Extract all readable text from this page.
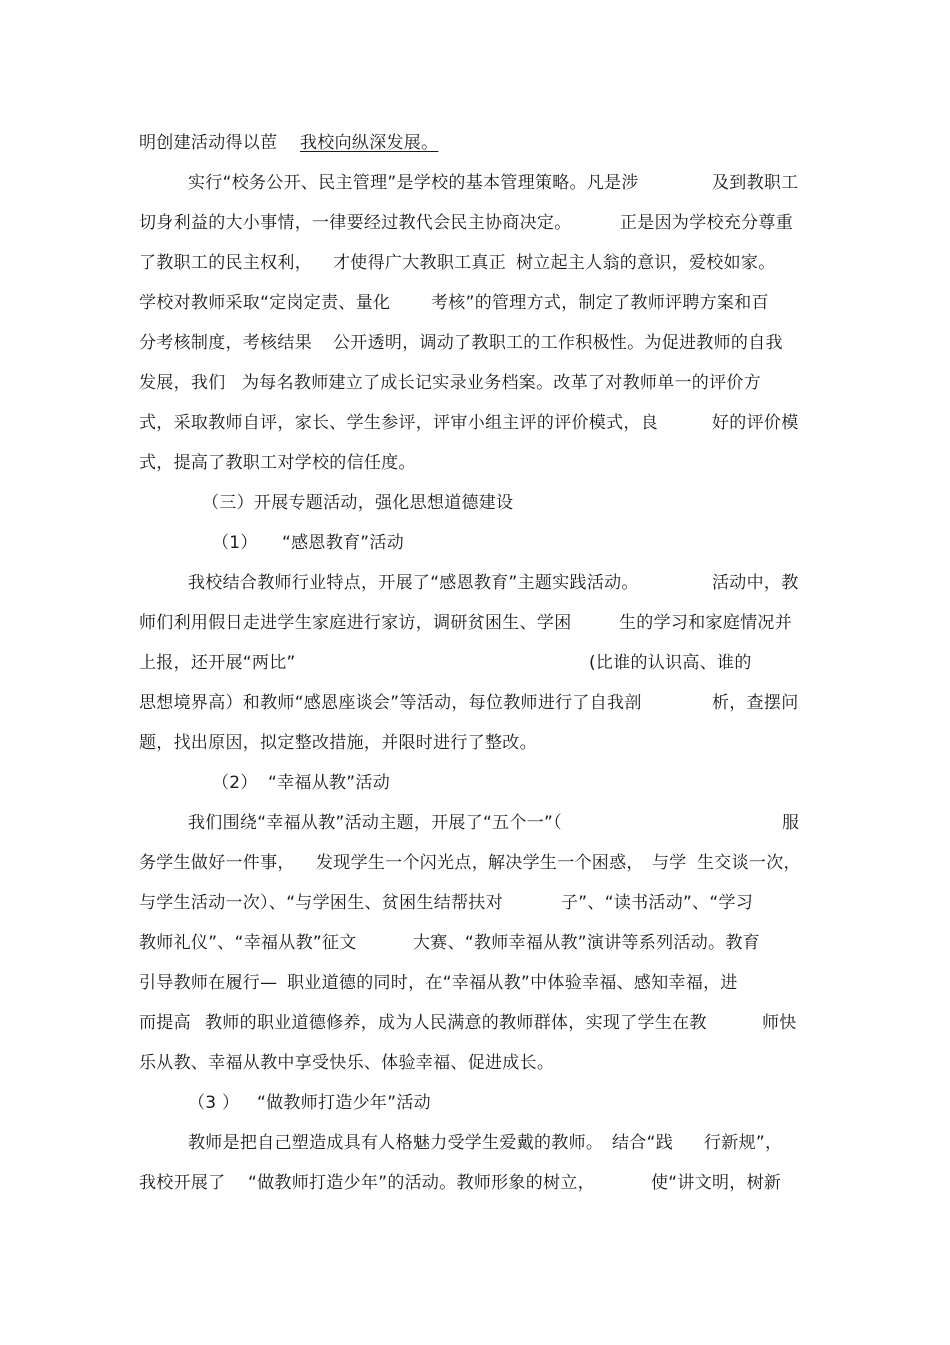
明创建活动得以茞 我校向纵深发展。
实行“校务公开、民主管理”是学校的基本管理策略。凡是涉	及到教职工
切身利益的大小事情，一律要经过教代会民主协商决定。	正是因为学校充分尊重
了教职工的民主权利， 才使得广大教职工真正 树立起主人翁的意识，爱校如家。
学校对教师采取“定岗定责、量化 考核”的管理方式，制定了教师评聘方案和百
分考核制度，考核结果 公开透明，调动了教职工的工作积极性。为促进教师的自我
发展，我们 为每名教师建立了成长记实录业务档案。改革了对教师单一的评价方
式，采取教师自评，家长、学生参评，评审小组主评的评价模式，良	好的评价模
式，提高了教职工对学校的信任度。
（三）开展专题活动，强化思想道德建设
（1） “感恩教育”活动
我校结合教师行业特点，开展了“感恩教育”主题实践活动。	活动中，教
师们利用假日走进学生家庭进行家访，调研贫困生、学困	生的学习和家庭情况并
上报，还开展“两比”	(比谁的认识高、谁的
思想境界高）和教师“感恩座谈会”等活动，每位教师进行了自我剖	析，查摆问
题，找出原因，拟定整改措施，并限时进行了整改。
（2） “幸福从教”活动
我们围绕“幸福从教”活动主题，开展了“五个一”（	服
务学生做好一件事， 发现学生一个闪光点， 解决学生一个困惑， 与学 生交谈一次，
与学生活动一次）、“与学困生、贫困生结帮扶对	子”、“读书活动”、“学习
教师礼仪”、“幸福从教”征文	大赛、“教师幸福从教”演讲等系列活动。教育
引导教师在履行— 职业道德的同时，在“幸福从教”中体验幸福、感知幸福，进
而提高 教师的职业道德修养，成为人民满意的教师群体，实现了学生在教	师快
乐从教、幸福从教中享受快乐、体验幸福、促进成长。
（3 ） “做教师打造少年”活动
教师是把自己塑造成具有人格魅力受学生爱戴的教师。 结合“践 行新规”，
我校开展了 “做教师打造少年”的活动。教师形象的树立，	使“讲文明，树新
